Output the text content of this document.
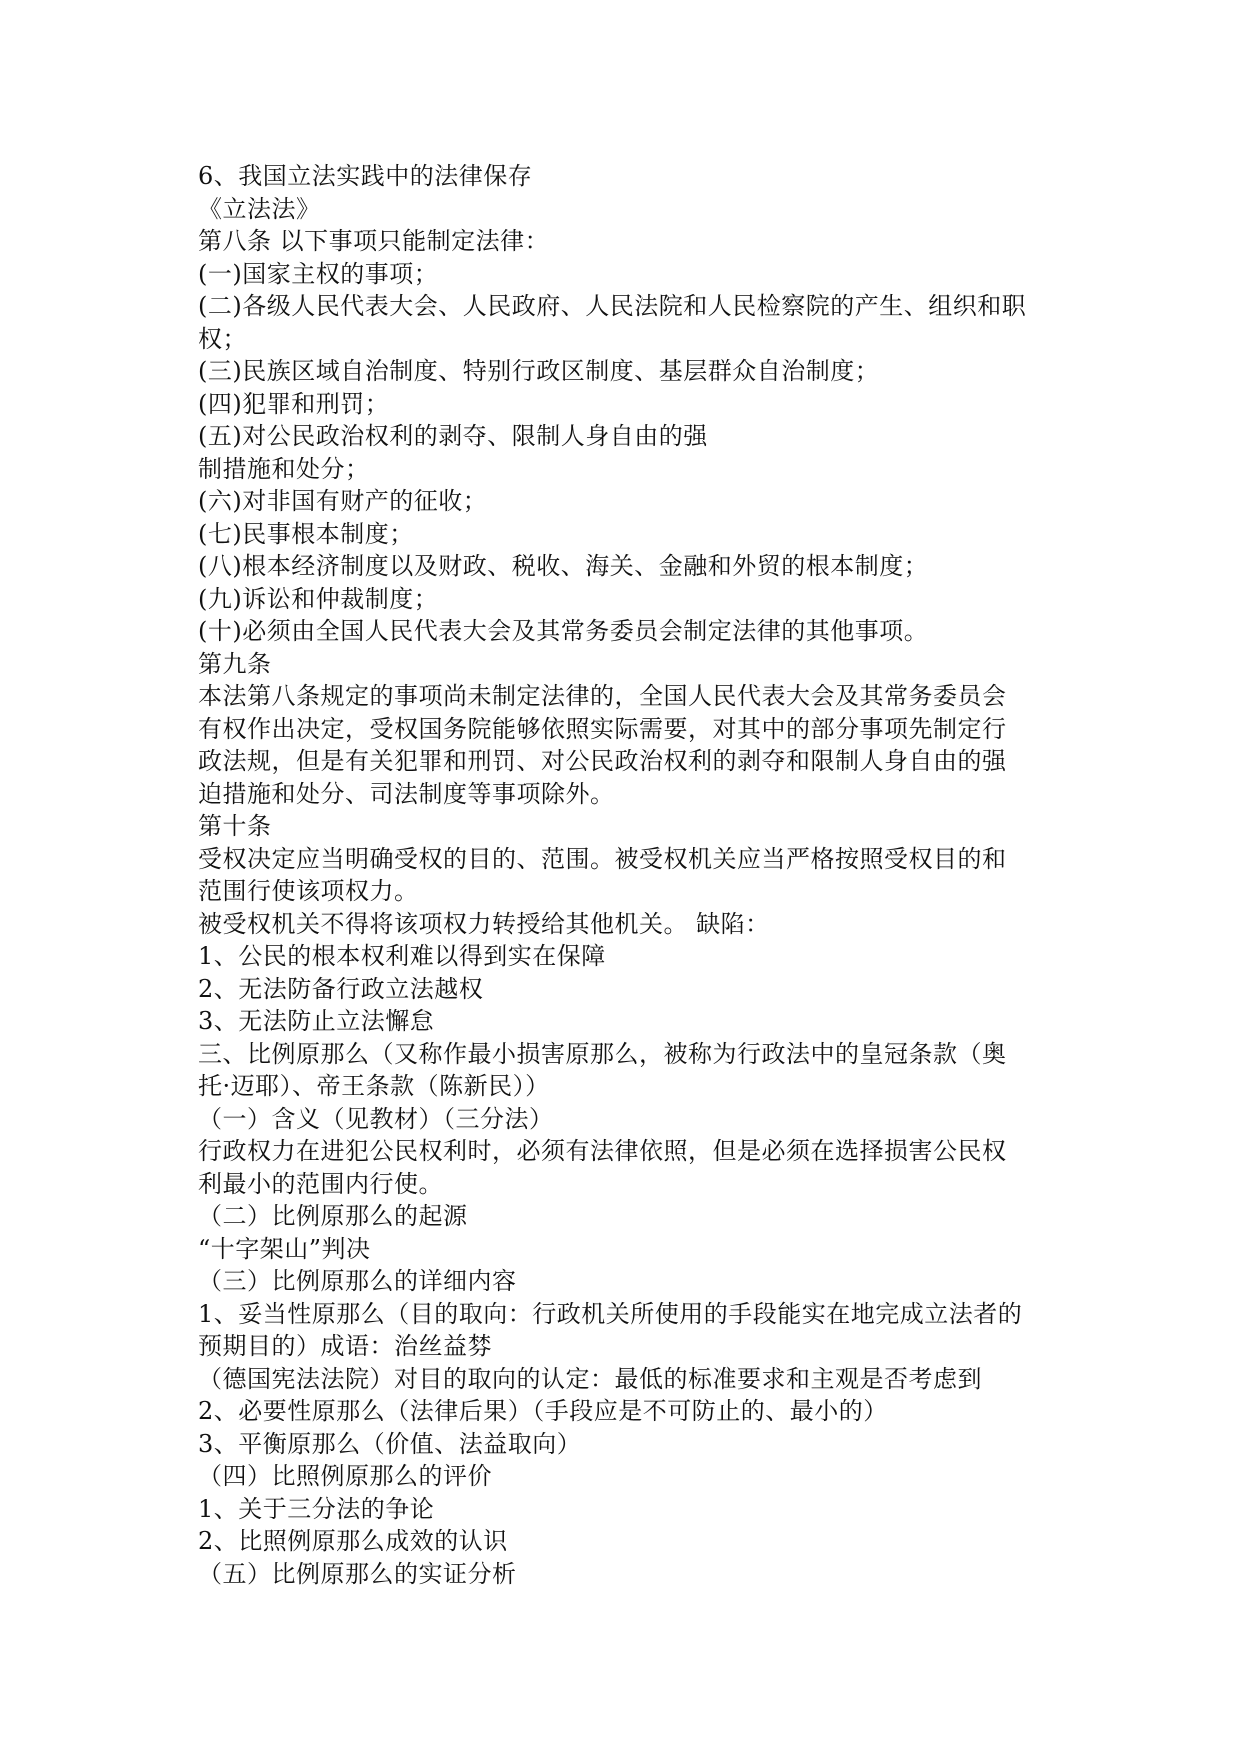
6、我国立法实践中的法律保存
《立法法》
第八条 以下事项只能制定法律：
(一)国家主权的事项；
(二)各级人民代表大会、人民政府、人民法院和人民检察院的产生、组织和职
权；
(三)民族区域自治制度、特别行政区制度、基层群众自治制度；
(四)犯罪和刑罚；
(五)对公民政治权利的剥夺、限制人身自由的强
制措施和处分；
(六)对非国有财产的征收；
(七)民事根本制度；
(八)根本经济制度以及财政、税收、海关、金融和外贸的根本制度；
(九)诉讼和仲裁制度；
(十)必须由全国人民代表大会及其常务委员会制定法律的其他事项。
第九条
本法第八条规定的事项尚未制定法律的，全国人民代表大会及其常务委员会
有权作出决定，受权国务院能够依照实际需要，对其中的部分事项先制定行
政法规，但是有关犯罪和刑罚、对公民政治权利的剥夺和限制人身自由的强
迫措施和处分、司法制度等事项除外。
第十条
受权决定应当明确受权的目的、范围。被受权机关应当严格按照受权目的和
范围行使该项权力。
被受权机关不得将该项权力转授给其他机关。 缺陷：
1、公民的根本权利难以得到实在保障
2、无法防备行政立法越权
3、无法防止立法懈怠
三、比例原那么（又称作最小损害原那么，被称为行政法中的皇冠条款（奥
托·迈耶）、帝王条款（陈新民））
（一）含义（见教材）（三分法）
行政权力在进犯公民权利时，必须有法律依照，但是必须在选择损害公民权
利最小的范围内行使。
（二）比例原那么的起源
“十字架山”判决
（三）比例原那么的详细内容
1、妥当性原那么（目的取向：行政机关所使用的手段能实在地完成立法者的
预期目的）成语：治丝益棼
（德国宪法法院）对目的取向的认定：最低的标准要求和主观是否考虑到
2、必要性原那么（法律后果）（手段应是不可防止的、最小的）
3、平衡原那么（价值、法益取向）
（四）比照例原那么的评价
1、关于三分法的争论
2、比照例原那么成效的认识
（五）比例原那么的实证分析
